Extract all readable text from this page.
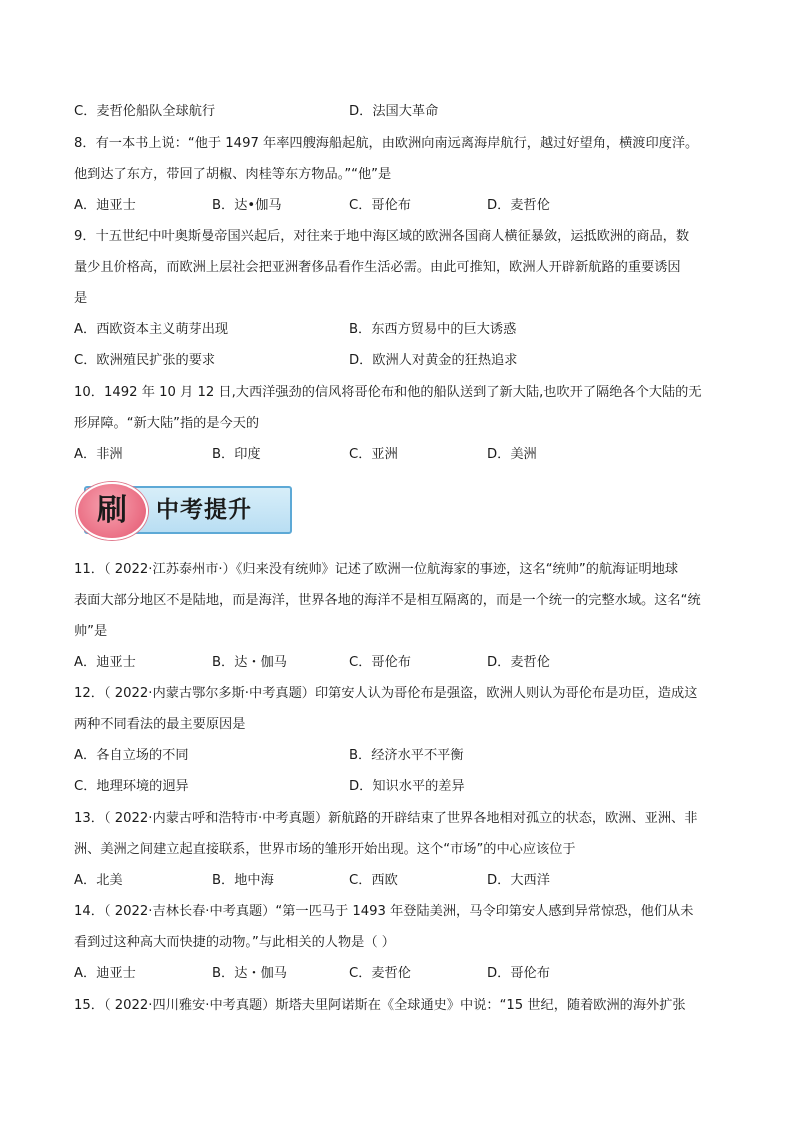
C．麦哲伦船队全球航行	D．法国大革命
8．有一本书上说：“他于 1497 年率四艘海船起航，由欧洲向南远离海岸航行，越过好望角，横渡印度洋。
他到达了东方，带回了胡椒、肉桂等东方物品。”“他”是
A．迪亚士	B．达•伽马	C．哥伦布	D．麦哲伦
9．十五世纪中叶奥斯曼帝国兴起后，对往来于地中海区域的欧洲各国商人横征暴敛，运抵欧洲的商品，数
量少且价格高，而欧洲上层社会把亚洲奢侈品看作生活必需。由此可推知，欧洲人开辟新航路的重要诱因
是
A．西欧资本主义萌芽出现	B．东西方贸易中的巨大诱惑
C．欧洲殖民扩张的要求	D．欧洲人对黄金的狂热追求
10．1492 年 10 月 12 日,大西洋强劲的信风将哥伦布和他的船队送到了新大陆,也吹开了隔绝各个大陆的无
形屏障。“新大陆”指的是今天的
A．非洲	B．印度	C．亚洲	D．美洲
刷	中考提升
11．（ 2022·江苏泰州市·）《归来没有统帅》记述了欧洲一位航海家的事迹，这名“统帅”的航海证明地球
表面大部分地区不是陆地，而是海洋，世界各地的海洋不是相互隔离的，而是一个统一的完整水域。这名“统
帅”是
A．迪亚士	B．达・伽马	C．哥伦布	D．麦哲伦
12．（ 2022·内蒙古鄂尔多斯·中考真题）印第安人认为哥伦布是强盗，欧洲人则认为哥伦布是功臣，造成这
两种不同看法的最主要原因是
A．各自立场的不同	B．经济水平不平衡
C．地理环境的迥异	D．知识水平的差异
13．（ 2022·内蒙古呼和浩特市·中考真题）新航路的开辟结束了世界各地相对孤立的状态，欧洲、亚洲、非
洲、美洲之间建立起直接联系，世界市场的雏形开始出现。这个“市场”的中心应该位于
A．北美	B．地中海	C．西欧	D．大西洋
14．（ 2022·吉林长春·中考真题）“第一匹马于 1493 年登陆美洲，马令印第安人感到异常惊恐，他们从未
看到过这种高大而快捷的动物。”与此相关的人物是（ ）
A．迪亚士	B．达・伽马	C．麦哲伦	D．哥伦布
15．（ 2022·四川雅安·中考真题）斯塔夫里阿诺斯在《全球通史》中说：“15 世纪，随着欧洲的海外扩张
